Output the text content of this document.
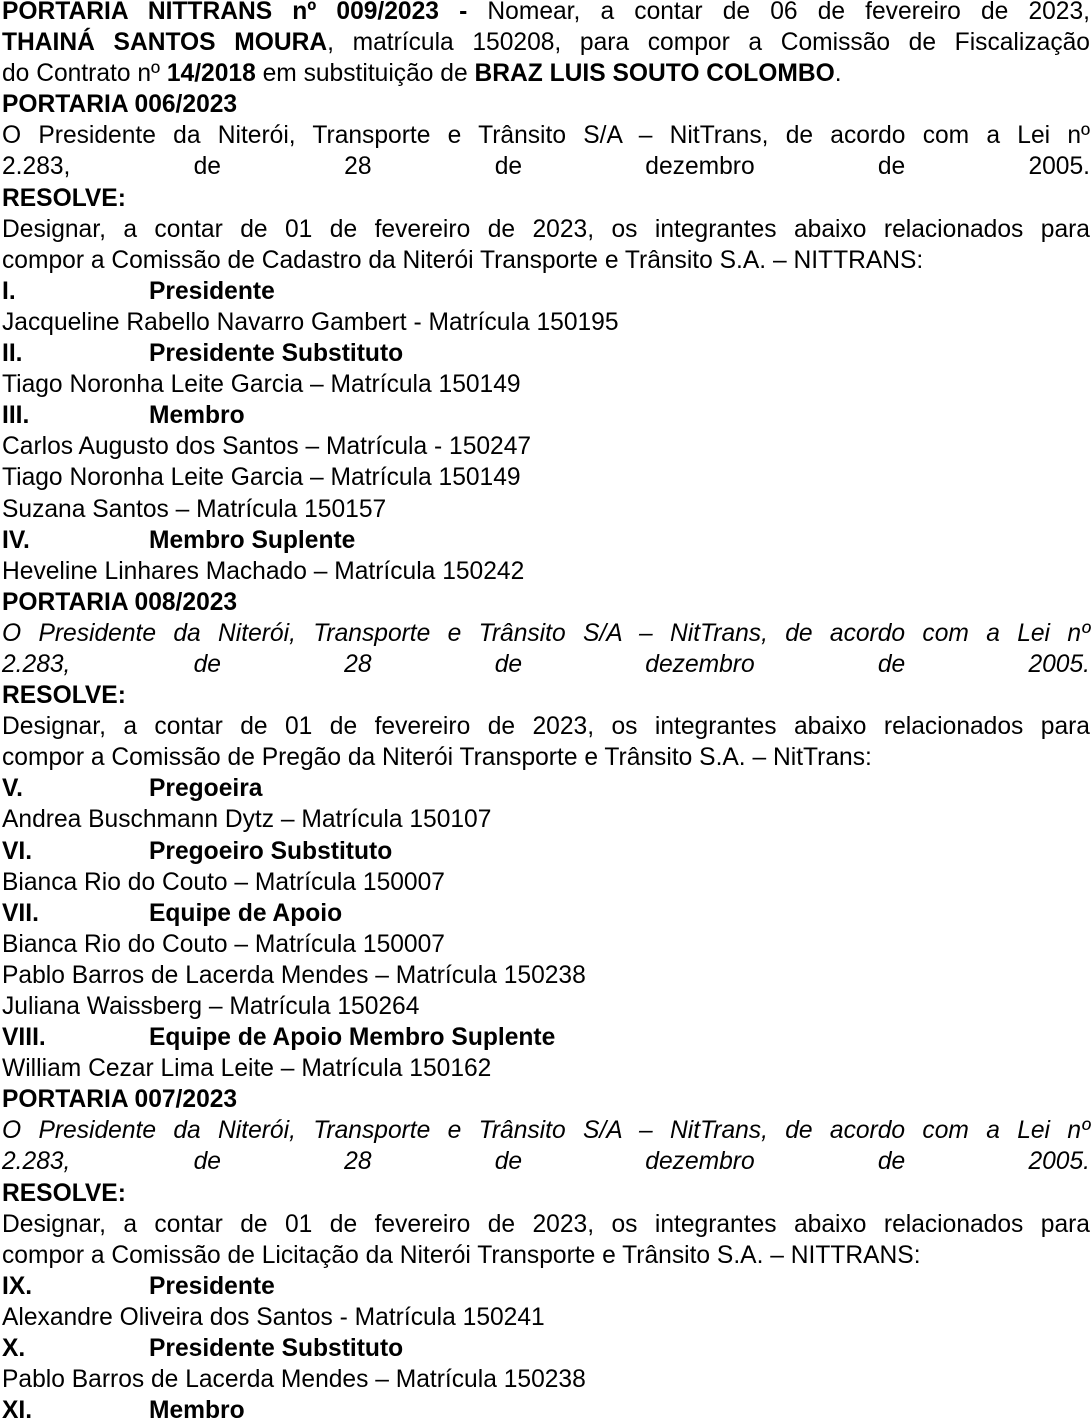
PORTARIA NITTRANS nº 009/2023 - Nomear, a contar de 06 de fevereiro de 2023,
THAINÁ SANTOS MOURA, matrícula 150208, para compor a Comissão de Fiscalização
do Contrato nº 14/2018 em substituição de BRAZ LUIS SOUTO COLOMBO.
PORTARIA 006/2023
O Presidente da Niterói, Transporte e Trânsito S/A – NitTrans, de acordo com a Lei nº
2.283, de 28 de dezembro de 2005.
RESOLVE:
Designar, a contar de 01 de fevereiro de 2023, os integrantes abaixo relacionados para
compor a Comissão de Cadastro da Niterói Transporte e Trânsito S.A. – NITTRANS:
I.	Presidente
Jacqueline Rabello Navarro Gambert - Matrícula 150195
II.	Presidente Substituto
Tiago Noronha Leite Garcia – Matrícula 150149
III.	Membro
Carlos Augusto dos Santos – Matrícula - 150247
Tiago Noronha Leite Garcia – Matrícula 150149
Suzana Santos – Matrícula 150157
IV.	Membro Suplente
Heveline Linhares Machado – Matrícula 150242
PORTARIA 008/2023
O Presidente da Niterói, Transporte e Trânsito S/A – NitTrans, de acordo com a Lei nº
2.283, de 28 de dezembro de 2005.
RESOLVE:
Designar, a contar de 01 de fevereiro de 2023, os integrantes abaixo relacionados para
compor a Comissão de Pregão da Niterói Transporte e Trânsito S.A. – NitTrans:
V.	Pregoeira
Andrea Buschmann Dytz – Matrícula 150107
VI.	Pregoeiro Substituto
Bianca Rio do Couto – Matrícula 150007
VII.	Equipe de Apoio
Bianca Rio do Couto – Matrícula 150007
Pablo Barros de Lacerda Mendes – Matrícula 150238
Juliana Waissberg – Matrícula 150264
VIII.	Equipe de Apoio Membro Suplente
William Cezar Lima Leite – Matrícula 150162
PORTARIA 007/2023
O Presidente da Niterói, Transporte e Trânsito S/A – NitTrans, de acordo com a Lei nº
2.283, de 28 de dezembro de 2005.
RESOLVE:
Designar, a contar de 01 de fevereiro de 2023, os integrantes abaixo relacionados para
compor a Comissão de Licitação da Niterói Transporte e Trânsito S.A. – NITTRANS:
IX.	Presidente
Alexandre Oliveira dos Santos - Matrícula 150241
X.	Presidente Substituto
Pablo Barros de Lacerda Mendes – Matrícula 150238
XI.	Membro
